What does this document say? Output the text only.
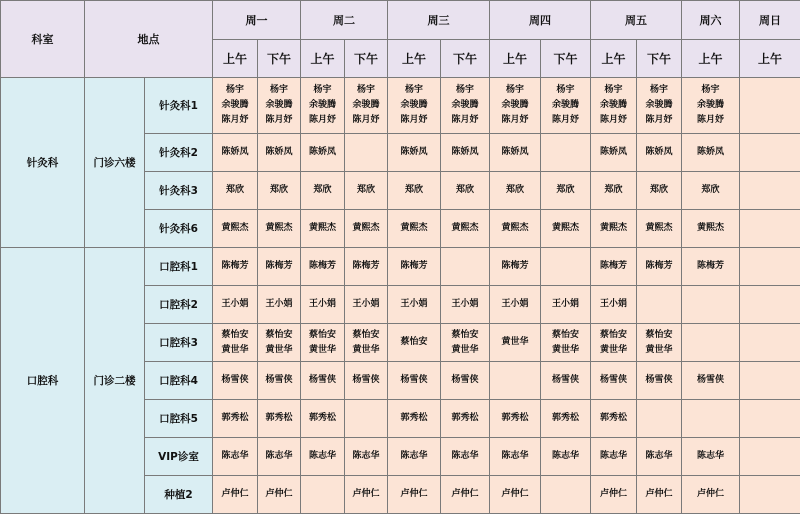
科室	地点		周一		周二		周三		周四		周五		周六	周日
			上午	下午	上午	下午	上午	下午	上午	下午	上午	下午	上午	上午
针灸科	门诊六楼	针灸科1	杨宇
余骏腾
陈月妤	杨宇
余骏腾
陈月妤	杨宇
余骏腾
陈月妤	杨宇
余骏腾
陈月妤	杨宇
余骏腾
陈月妤	杨宇
余骏腾
陈月妤	杨宇
余骏腾
陈月妤	杨宇
余骏腾
陈月妤	杨宇
余骏腾
陈月妤	杨宇
余骏腾
陈月妤	杨宇
余骏腾
陈月妤	

		针灸科2	陈娇凤	陈娇凤	陈娇凤		陈娇凤	陈娇凤	陈娇凤		陈娇凤	陈娇凤	陈娇凤	

		针灸科3	郑欣	郑欣	郑欣	郑欣	郑欣	郑欣	郑欣	郑欣	郑欣	郑欣	郑欣	

		针灸科6	黄熙杰	黄熙杰	黄熙杰	黄熙杰	黄熙杰	黄熙杰	黄熙杰	黄熙杰	黄熙杰	黄熙杰	黄熙杰	

口腔科	门诊二楼	口腔科1	陈梅芳	陈梅芳	陈梅芳	陈梅芳	陈梅芳		陈梅芳		陈梅芳	陈梅芳	陈梅芳	

		口腔科2	王小娟	王小娟	王小娟	王小娟	王小娟	王小娟	王小娟	王小娟	王小娟			

		口腔科3	蔡怡安
黄世华	蔡怡安
黄世华	蔡怡安
黄世华	蔡怡安
黄世华	蔡怡安	蔡怡安
黄世华	黄世华	蔡怡安
黄世华	蔡怡安
黄世华	蔡怡安
黄世华		

		口腔科4	杨雪侠	杨雪侠	杨雪侠	杨雪侠	杨雪侠	杨雪侠		杨雪侠	杨雪侠	杨雪侠	杨雪侠	

		口腔科5	郭秀松	郭秀松	郭秀松		郭秀松	郭秀松	郭秀松	郭秀松	郭秀松			

		VIP诊室	陈志华	陈志华	陈志华	陈志华	陈志华	陈志华	陈志华	陈志华	陈志华	陈志华	陈志华	

		种植2	卢仲仁	卢仲仁		卢仲仁	卢仲仁	卢仲仁	卢仲仁		卢仲仁	卢仲仁	卢仲仁	
